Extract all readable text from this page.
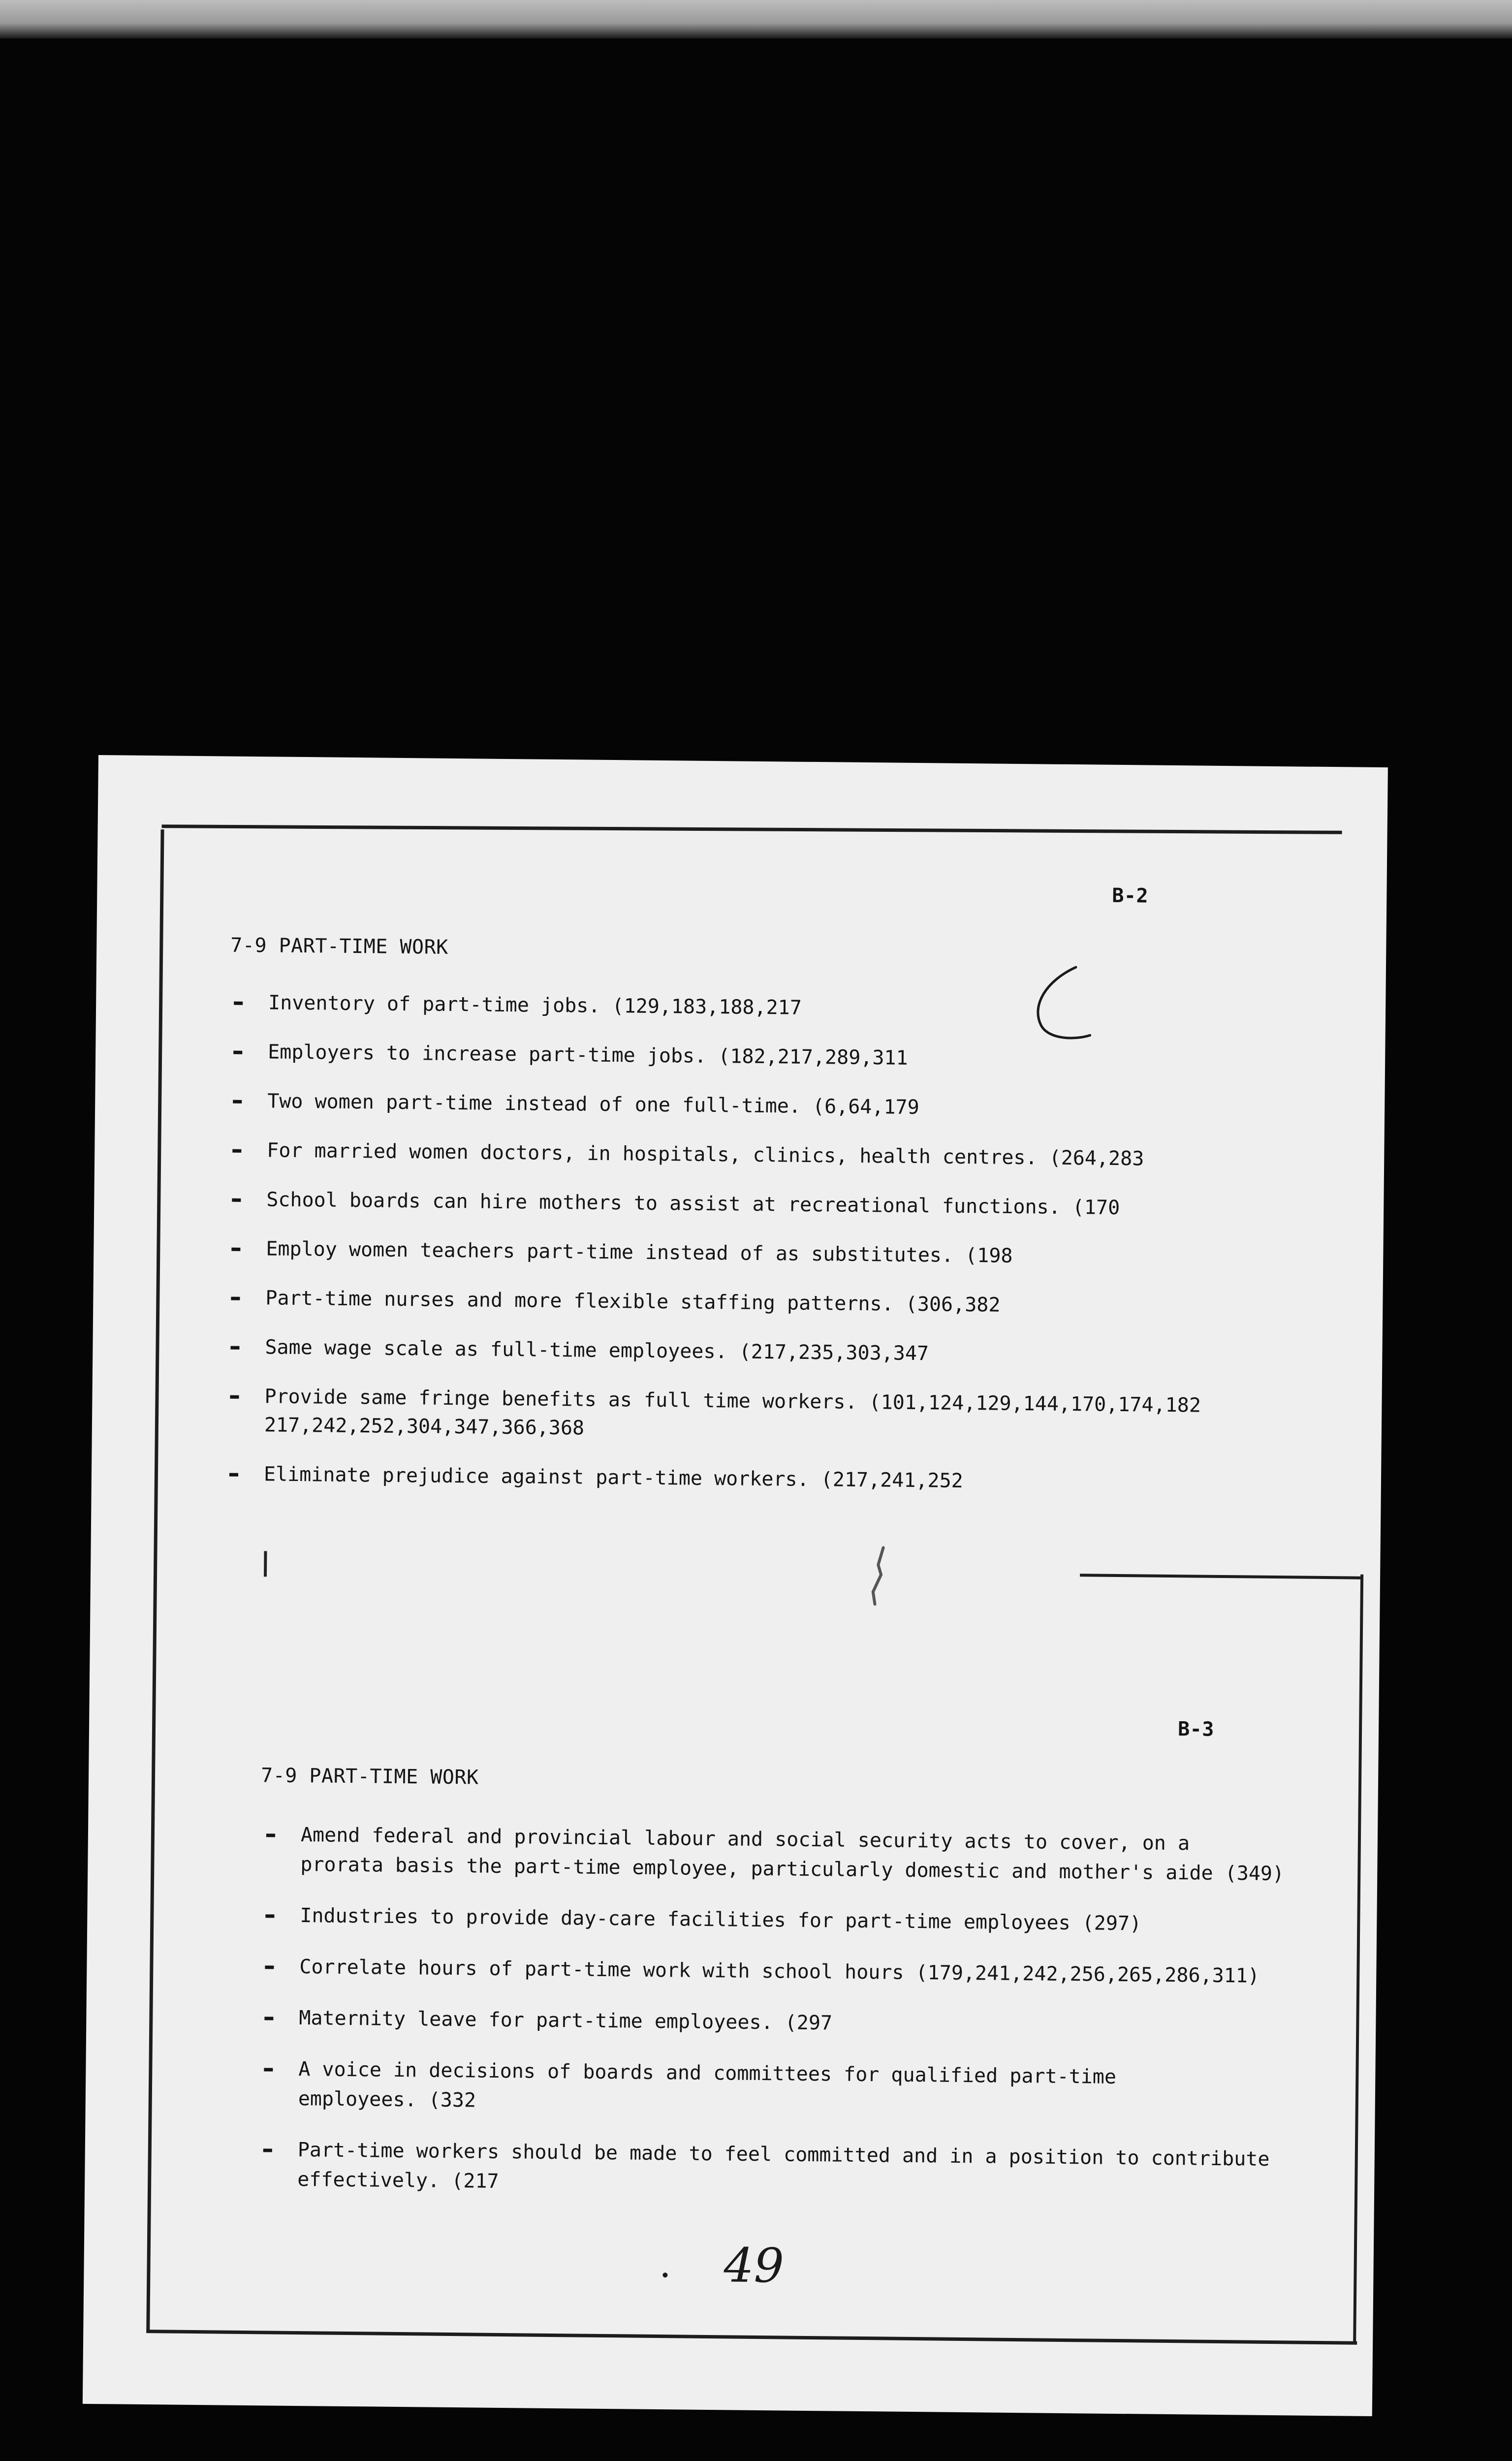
B-2
7-9 PART-TIME WORK
Inventory of part-time jobs. (129,183,188,217
Employers to increase part-time jobs. (182,217,289,311
Two women part-time instead of one full-time. (6,64,179
For married women doctors, in hospitals, clinics, health centres. (264,283
School boards can hire mothers to assist at recreational functions. (170
Employ women teachers part-time instead of as substitutes. (198
Part-time nurses and more flexible staffing patterns. (306,382
Same wage scale as full-time employees. (217,235,303,347
Provide same fringe benefits as full time workers. (101,124,129,144,170,174,182
217,242,252,304,347,366,368
Eliminate prejudice against part-time workers. (217,241,252
B-3
7-9 PART-TIME WORK
Amend federal and provincial labour and social security acts to cover, on a
prorata basis the part-time employee, particularly domestic and mother's aide (349)
Industries to provide day-care facilities for part-time employees (297)
Correlate hours of part-time work with school hours (179,241,242,256,265,286,311)
Maternity leave for part-time employees. (297
A voice in decisions of boards and committees for qualified part-time
employees. (332
Part-time workers should be made to feel committed and in a position to contribute
effectively. (217
49
